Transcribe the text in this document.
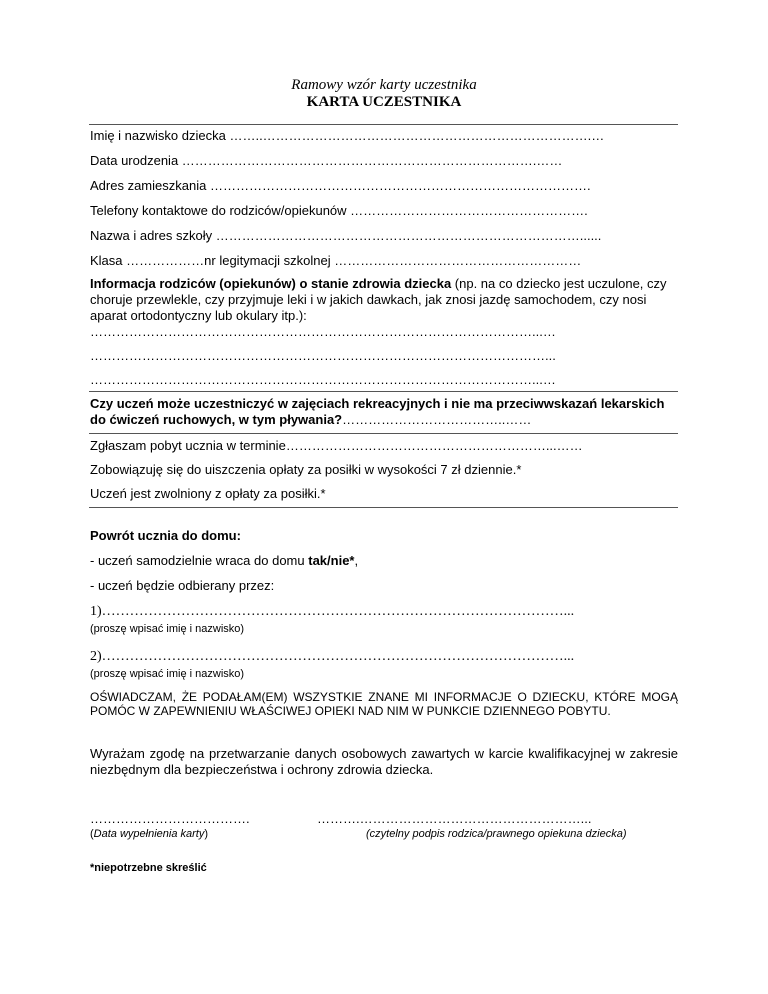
Ramowy wzór karty uczestnika
KARTA UCZESTNIKA
Imię i nazwisko dziecka ……..………………………………………………………………….…
Data urodzenia ……………………………………………………………………….……
Adres zamieszkania …………………………………………………………………………….
Telefony kontaktowe do rodziców/opiekunów ……………………………………………….
Nazwa i adres szkoły …………………………………………………………………………......
Klasa ………………nr legitymacji szkolnej …………………………………………………
Informacja rodziców (opiekunów) o stanie zdrowia dziecka (np. na co dziecko jest uczulone, czy choruje przewlekle, czy przyjmuje leki i w jakich dawkach, jak znosi jazdę samochodem, czy nosi aparat ortodontyczny lub okulary itp.):
…………………………………………………………………………………………...…
……………………………………………………………………………………………...
…………………………………………………………………………………………...…
Czy uczeń może uczestniczyć w zajęciach rekreacyjnych i nie ma przeciwwskazań lekarskich do ćwiczeń ruchowych, w tym pływania?………………………………..……
Zgłaszam pobyt ucznia w terminie……………………………………………………...……
Zobowiązuję się do uiszczenia opłaty za posiłki w wysokości 7 zł dziennie.*
Uczeń jest zwolniony z opłaty za posiłki.*
Powrót ucznia do domu:
- uczeń samodzielnie wraca do domu tak/nie*,
- uczeń będzie odbierany przez:
1)………………………………………………………………………………………...
(proszę wpisać imię i nazwisko)
2)………………………………………………………………………………………...
(proszę wpisać imię i nazwisko)
OŚWIADCZAM, ŻE PODAŁAM(EM) WSZYSTKIE ZNANE MI INFORMACJE O DZIECKU, KTÓRE MOGĄ POMÓC W ZAPEWNIENIU WŁAŚCIWEJ OPIEKI NAD NIM W PUNKCIE DZIENNEGO POBYTU.
Wyrażam zgodę na przetwarzanie danych osobowych zawartych w karcie kwalifikacyjnej w zakresie niezbędnym dla bezpieczeństwa i ochrony zdrowia dziecka.
……………………………….
(Data wypełnienia karty)
……….……………………………………………...
(czytelny podpis rodzica/prawnego opiekuna dziecka)
*niepotrzebne skreślić
